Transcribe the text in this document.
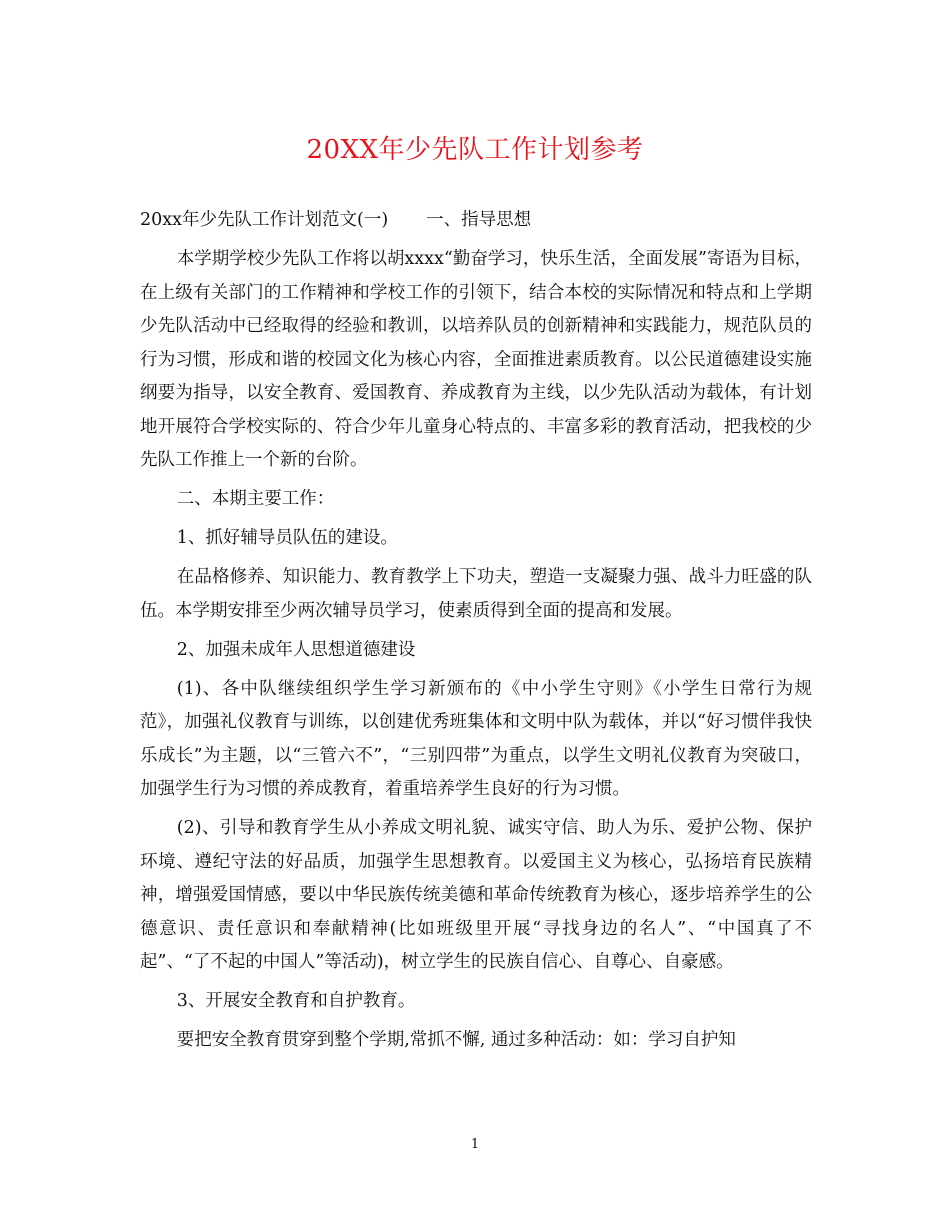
20XX年少先队工作计划参考

20xx年少先队工作计划范文(一) 一、指导思想

本学期学校少先队工作将以胡xxxx“勤奋学习，快乐生活，全面发展”寄语为目标，在上级有关部门的工作精神和学校工作的引领下，结合本校的实际情况和特点和上学期少先队活动中已经取得的经验和教训，以培养队员的创新精神和实践能力，规范队员的行为习惯，形成和谐的校园文化为核心内容，全面推进素质教育。以公民道德建设实施纲要为指导，以安全教育、爱国教育、养成教育为主线，以少先队活动为载体，有计划地开展符合学校实际的、符合少年儿童身心特点的、丰富多彩的教育活动，把我校的少先队工作推上一个新的台阶。

二、本期主要工作：

1、抓好辅导员队伍的建设。

在品格修养、知识能力、教育教学上下功夫，塑造一支凝聚力强、战斗力旺盛的队伍。本学期安排至少两次辅导员学习，使素质得到全面的提高和发展。

2、加强未成年人思想道德建设

(1)、各中队继续组织学生学习新颁布的《中小学生守则》《小学生日常行为规范》，加强礼仪教育与训练，以创建优秀班集体和文明中队为载体，并以“好习惯伴我快乐成长”为主题，以“三管六不”，“三别四带”为重点，以学生文明礼仪教育为突破口，加强学生行为习惯的养成教育，着重培养学生良好的行为习惯。

(2)、引导和教育学生从小养成文明礼貌、诚实守信、助人为乐、爱护公物、保护环境、遵纪守法的好品质，加强学生思想教育。以爱国主义为核心，弘扬培育民族精神，增强爱国情感，要以中华民族传统美德和革命传统教育为核心，逐步培养学生的公德意识、责任意识和奉献精神(比如班级里开展“寻找身边的名人”、“中国真了不起”、“了不起的中国人”等活动)，树立学生的民族自信心、自尊心、自豪感。

3、开展安全教育和自护教育。

要把安全教育贯穿到整个学期,常抓不懈, 通过多种活动：如：学习自护知

1
